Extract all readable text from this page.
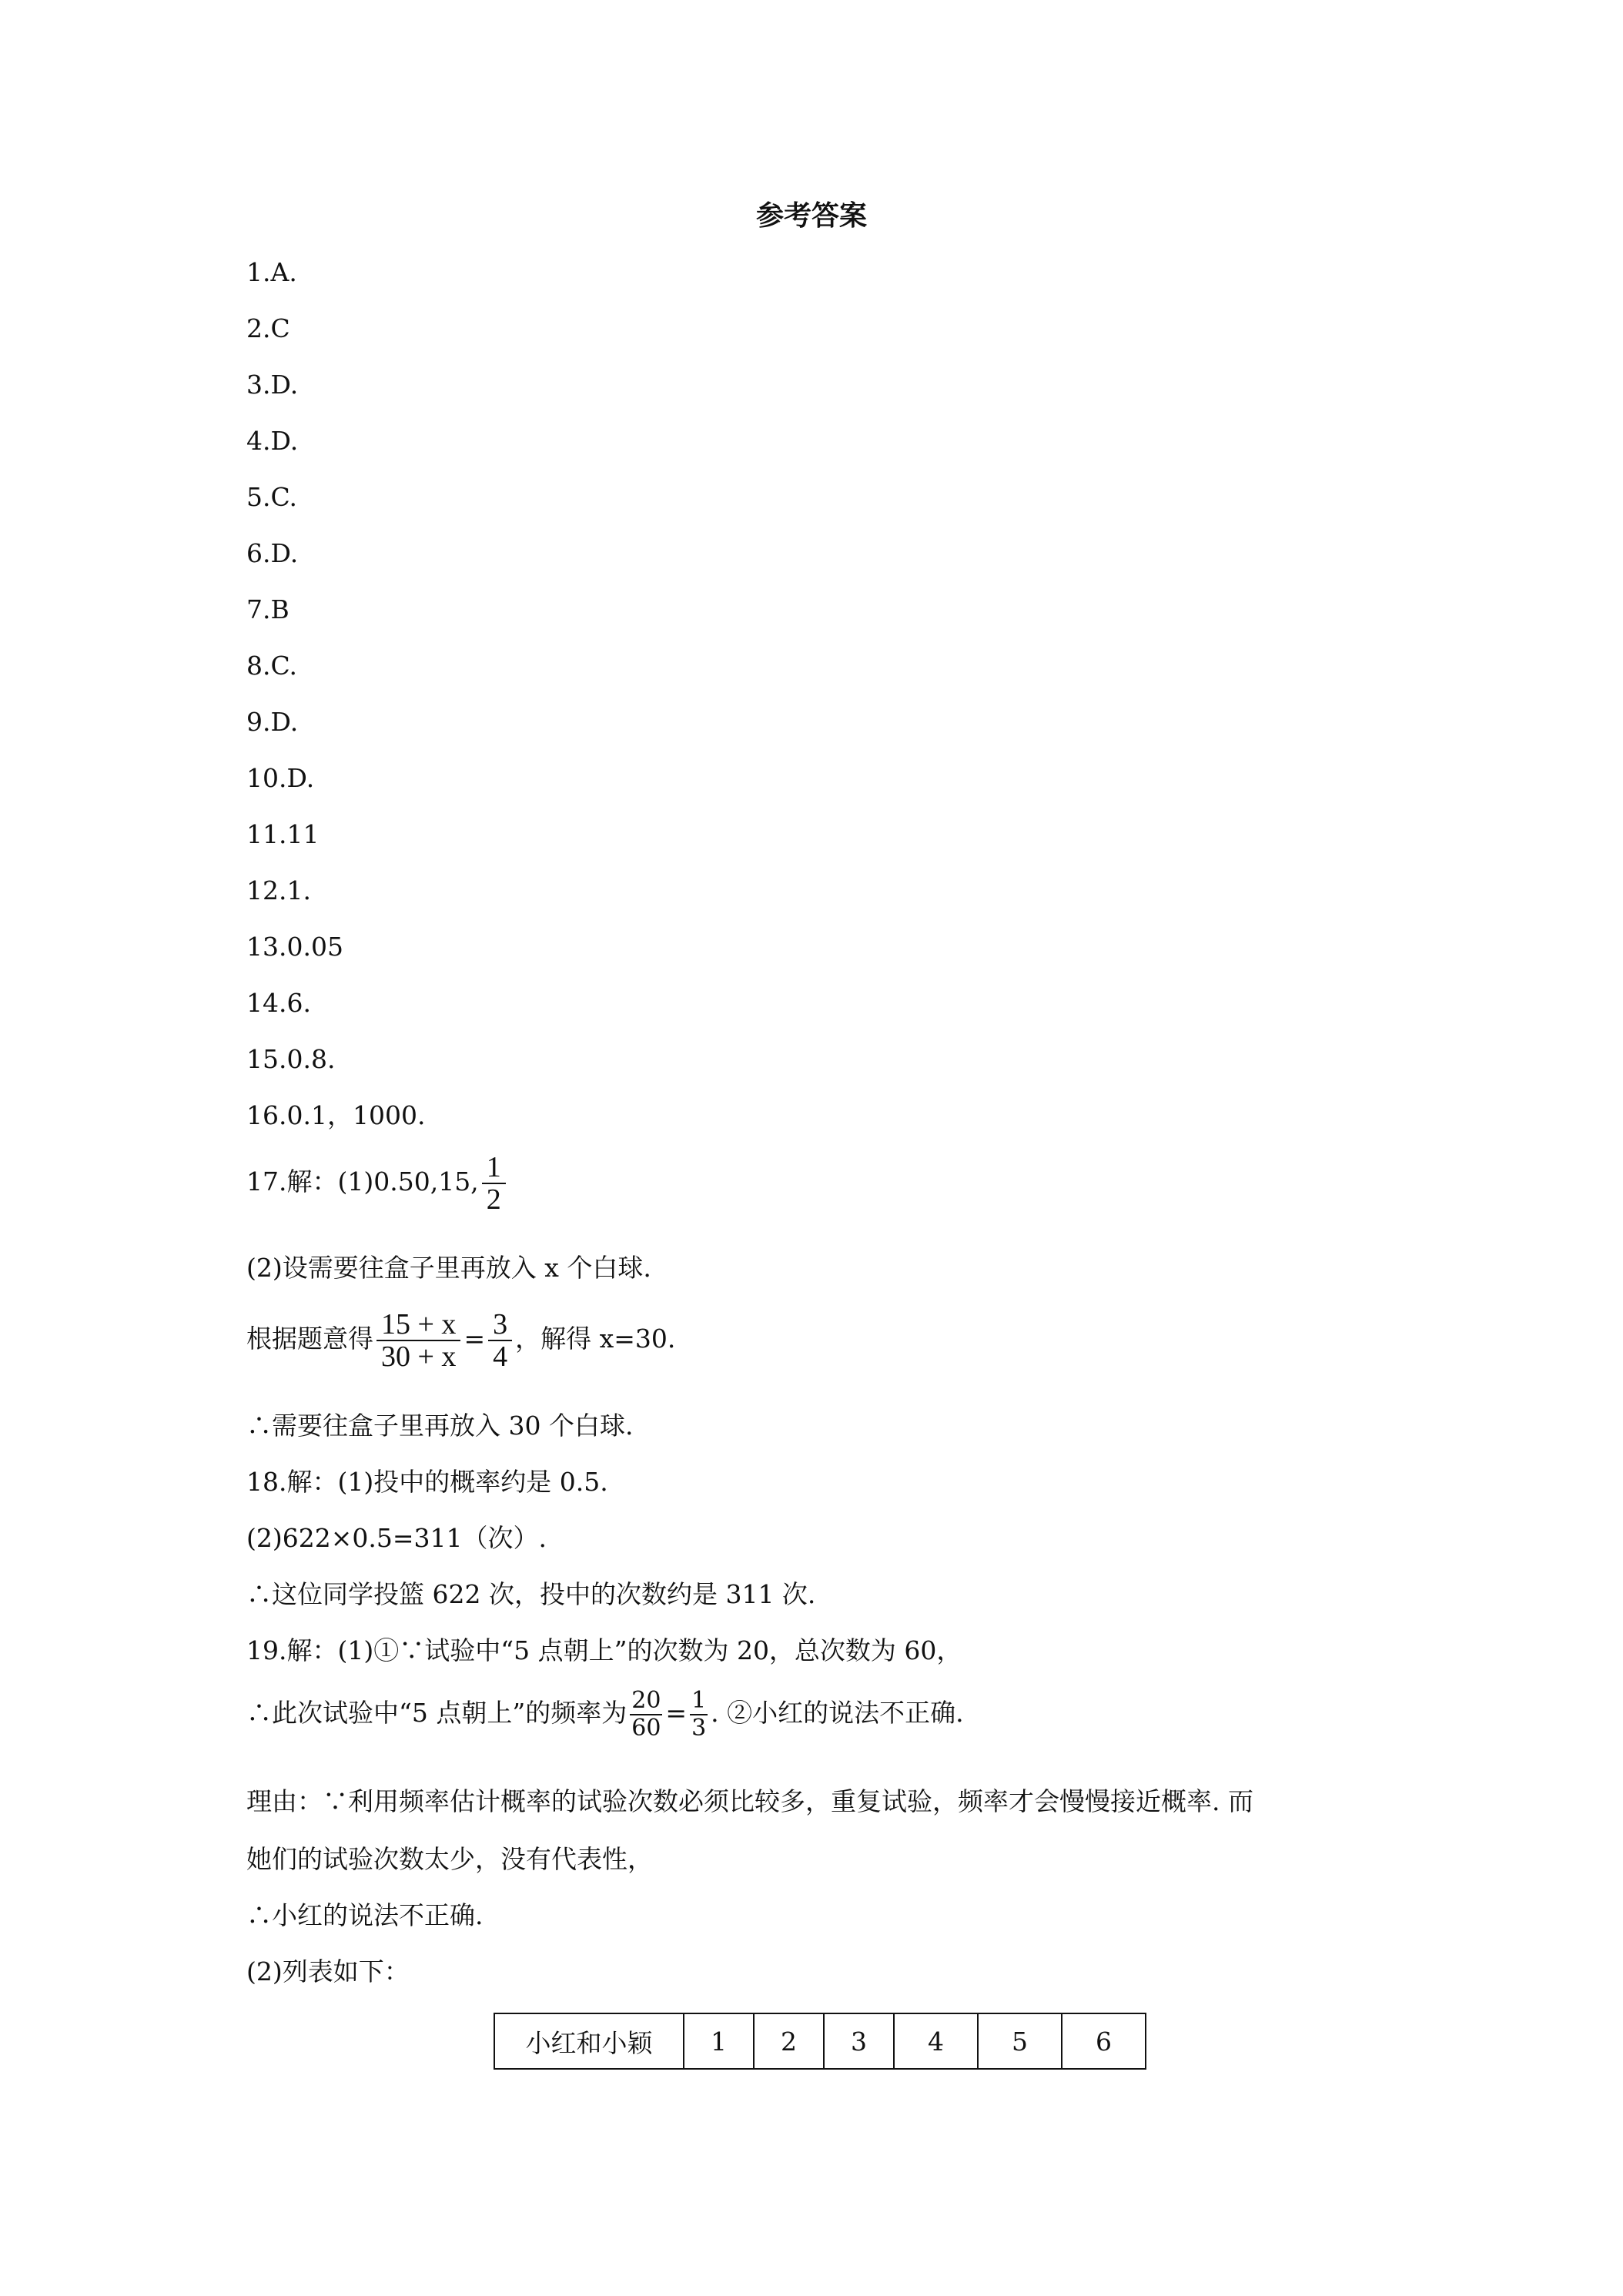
参考答案
1.A.
2.C
3.D.
4.D.
5.C.
6.D.
7.B
8.C.
9.D.
10.D.
11.11
12.1.
13.0.05
14.6.
15.0.8.
16.0.1，1000.
17.解：(1)0.50,15, $\frac{1}{2}$
(2)设需要往盒子里再放入 x 个白球.
根据题意得 $\frac{15 + x}{30 + x} = \frac{3}{4}$ ，解得 x=30.
∴需要往盒子里再放入 30 个白球.
18.解：(1)投中的概率约是 0.5.
(2)622×0.5=311（次）.
∴这位同学投篮 622 次，投中的次数约是 311 次.
19.解：(1)①∵试验中“5 点朝上”的次数为 20，总次数为 60，
∴此次试验中“5 点朝上”的频率为 $\frac{20}{60} = \frac{1}{3}$ . ②小红的说法不正确.
理由：∵利用频率估计概率的试验次数必须比较多，重复试验，频率才会慢慢接近概率. 而
她们的试验次数太少，没有代表性，
∴小红的说法不正确.
(2)列表如下：
小红和小颖	1	2	3	4	5	6
